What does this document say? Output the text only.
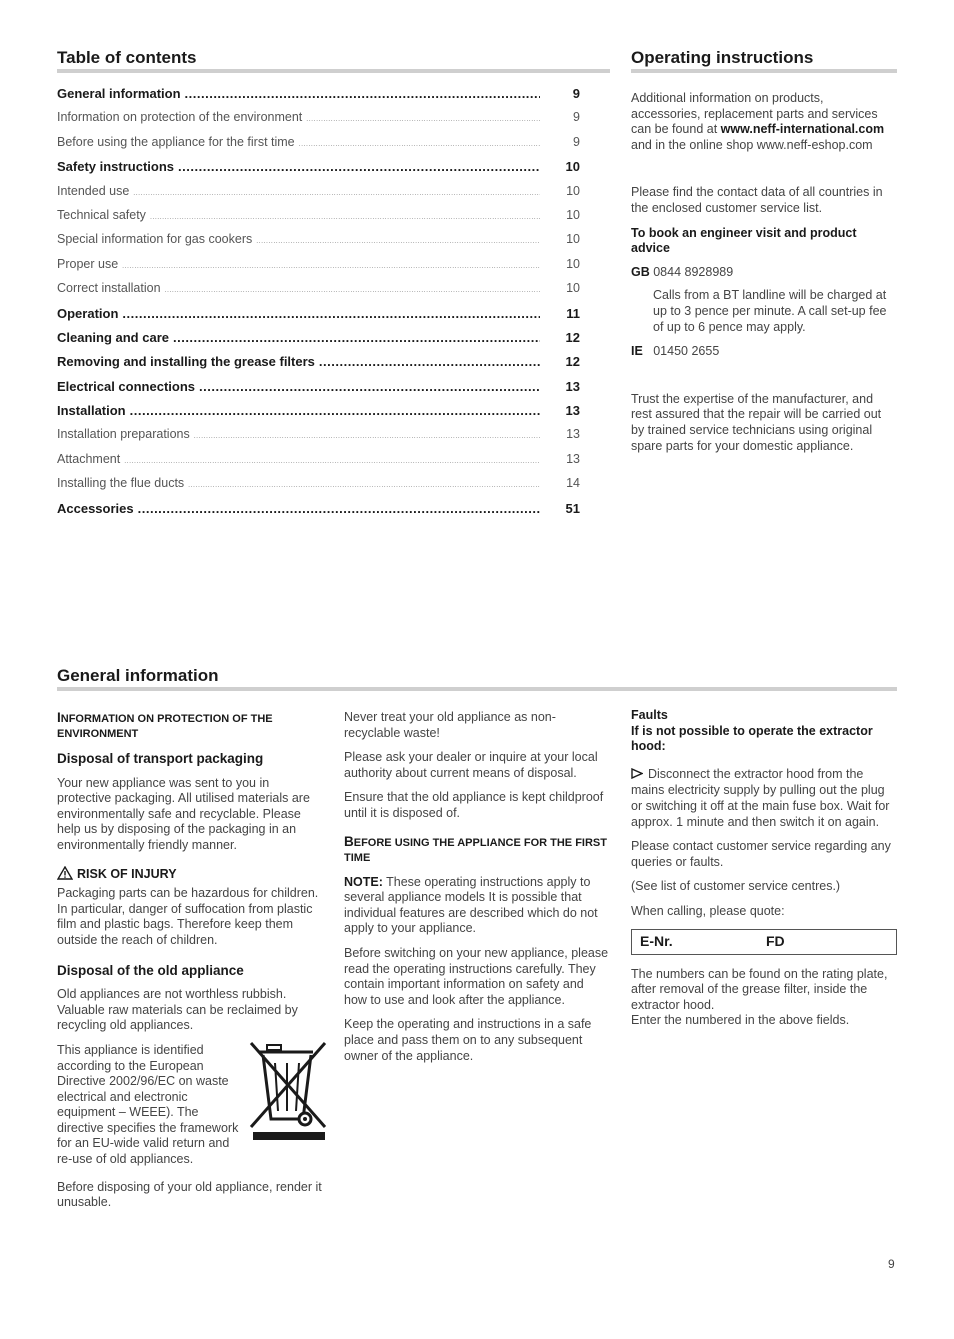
Table of contents
General information .....	9
Information on protection of the environment .....	9
Before using the appliance for the first time .....	9
Safety instructions .....	10
Intended use .....	10
Technical safety .....	10
Special information for gas cookers .....	10
Proper use .....	10
Correct installation .....	10
Operation .....	11
Cleaning and care .....	12
Removing and installing the grease filters .....	12
Electrical connections .....	13
Installation .....	13
Installation preparations .....	13
Attachment .....	13
Installing the flue ducts .....	14
Accessories .....	51
Operating instructions

Additional information on products, accessories, replacement parts and services can be found at www.neff-international.com and in the online shop www.neff-eshop.com

Please find the contact data of all countries in the enclosed customer service list.

To book an engineer visit and product advice

GB 0844 8928989

Calls from a BT landline will be charged at up to 3 pence per minute. A call set-up fee of up to 6 pence may apply.

IE 01450 2655

Trust the expertise of the manufacturer, and rest assured that the repair will be carried out by trained service technicians using original spare parts for your domestic appliance.

General information

INFORMATION ON PROTECTION OF THE ENVIRONMENT

Disposal of transport packaging

Your new appliance was sent to you in protective packaging. All utilised materials are environmentally safe and recyclable. Please help us by disposing of the packaging in an environmentally friendly manner.

RISK OF INJURY

Packaging parts can be hazardous for children. In particular, danger of suffocation from plastic film and plastic bags. Therefore keep them outside the reach of children.

Disposal of the old appliance

Old appliances are not worthless rubbish. Valuable raw materials can be reclaimed by recycling old appliances.

This appliance is identified according to the European Directive 2002/96/EC on waste electrical and electronic equipment – WEEE). The directive specifies the framework for an EU-wide valid return and re-use of old appliances.

Before disposing of your old appliance, render it unusable.

Never treat your old appliance as non-recyclable waste!

Please ask your dealer or inquire at your local authority about current means of disposal.

Ensure that the old appliance is kept childproof until it is disposed of.

BEFORE USING THE APPLIANCE FOR THE FIRST TIME

NOTE: These operating instructions apply to several appliance models It is possible that individual features are described which do not apply to your appliance.

Before switching on your new appliance, please read the operating instructions carefully. They contain important information on safety and how to use and look after the appliance.

Keep the operating and instructions in a safe place and pass them on to any subsequent owner of the appliance.

Faults

If is not possible to operate the extractor hood:

Disconnect the extractor hood from the mains electricity supply by pulling out the plug or switching it off at the main fuse box. Wait for approx. 1 minute and then switch it on again.

Please contact customer service regarding any queries or faults.

(See list of customer service centres.)

When calling, please quote:

E-Nr.	FD

The numbers can be found on the rating plate, after removal of the grease filter, inside the extractor hood.

Enter the numbered in the above fields.

9
